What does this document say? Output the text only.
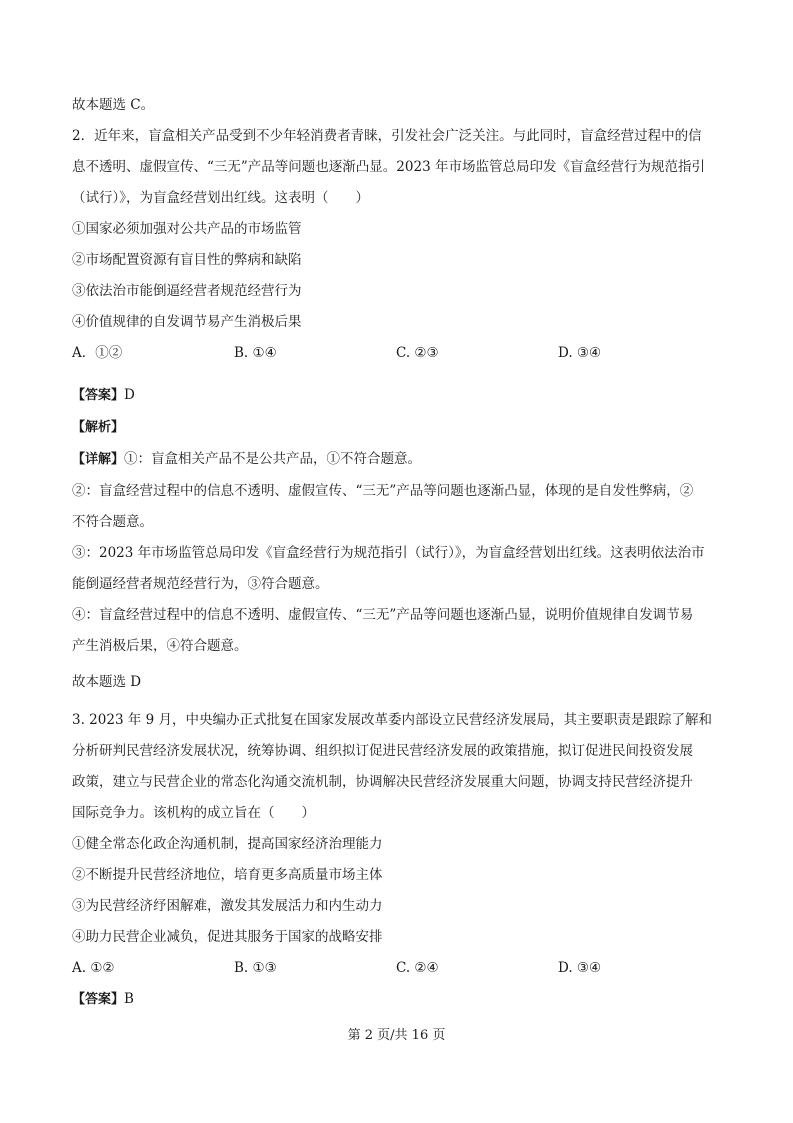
故本题选 C。
2．近年来，盲盒相关产品受到不少年轻消费者青睐，引发社会广泛关注。与此同时，盲盒经营过程中的信
息不透明、虚假宣传、“三无”产品等问题也逐渐凸显。2023 年市场监管总局印发《盲盒经营行为规范指引
（试行）》，为盲盒经营划出红线。这表明（　　）
①国家必须加强对公共产品的市场监管
②市场配置资源有盲目性的弊病和缺陷
③依法治市能倒逼经营者规范经营行为
④价值规律的自发调节易产生消极后果
A．①②	B. ①④	C. ②③	D. ③④
【答案】D
【解析】
【详解】①：盲盒相关产品不是公共产品，①不符合题意。
②：盲盒经营过程中的信息不透明、虚假宣传、“三无”产品等问题也逐渐凸显，体现的是自发性弊病，②
不符合题意。
③：2023 年市场监管总局印发《盲盒经营行为规范指引（试行）》，为盲盒经营划出红线。这表明依法治市
能倒逼经营者规范经营行为，③符合题意。
④：盲盒经营过程中的信息不透明、虚假宣传、“三无”产品等问题也逐渐凸显，说明价值规律自发调节易
产生消极后果，④符合题意。
故本题选 D
3. 2023 年 9 月，中央编办正式批复在国家发展改革委内部设立民营经济发展局，其主要职责是跟踪了解和
分析研判民营经济发展状况，统筹协调、组织拟订促进民营经济发展的政策措施，拟订促进民间投资发展
政策，建立与民营企业的常态化沟通交流机制，协调解决民营经济发展重大问题，协调支持民营经济提升
国际竞争力。该机构的成立旨在（　　）
①健全常态化政企沟通机制，提高国家经济治理能力
②不断提升民营经济地位，培育更多高质量市场主体
③为民营经济纾困解难，激发其发展活力和内生动力
④助力民营企业减负，促进其服务于国家的战略安排
A. ①②	B. ①③	C. ②④	D. ③④
【答案】B
第 2 页/共 16 页
